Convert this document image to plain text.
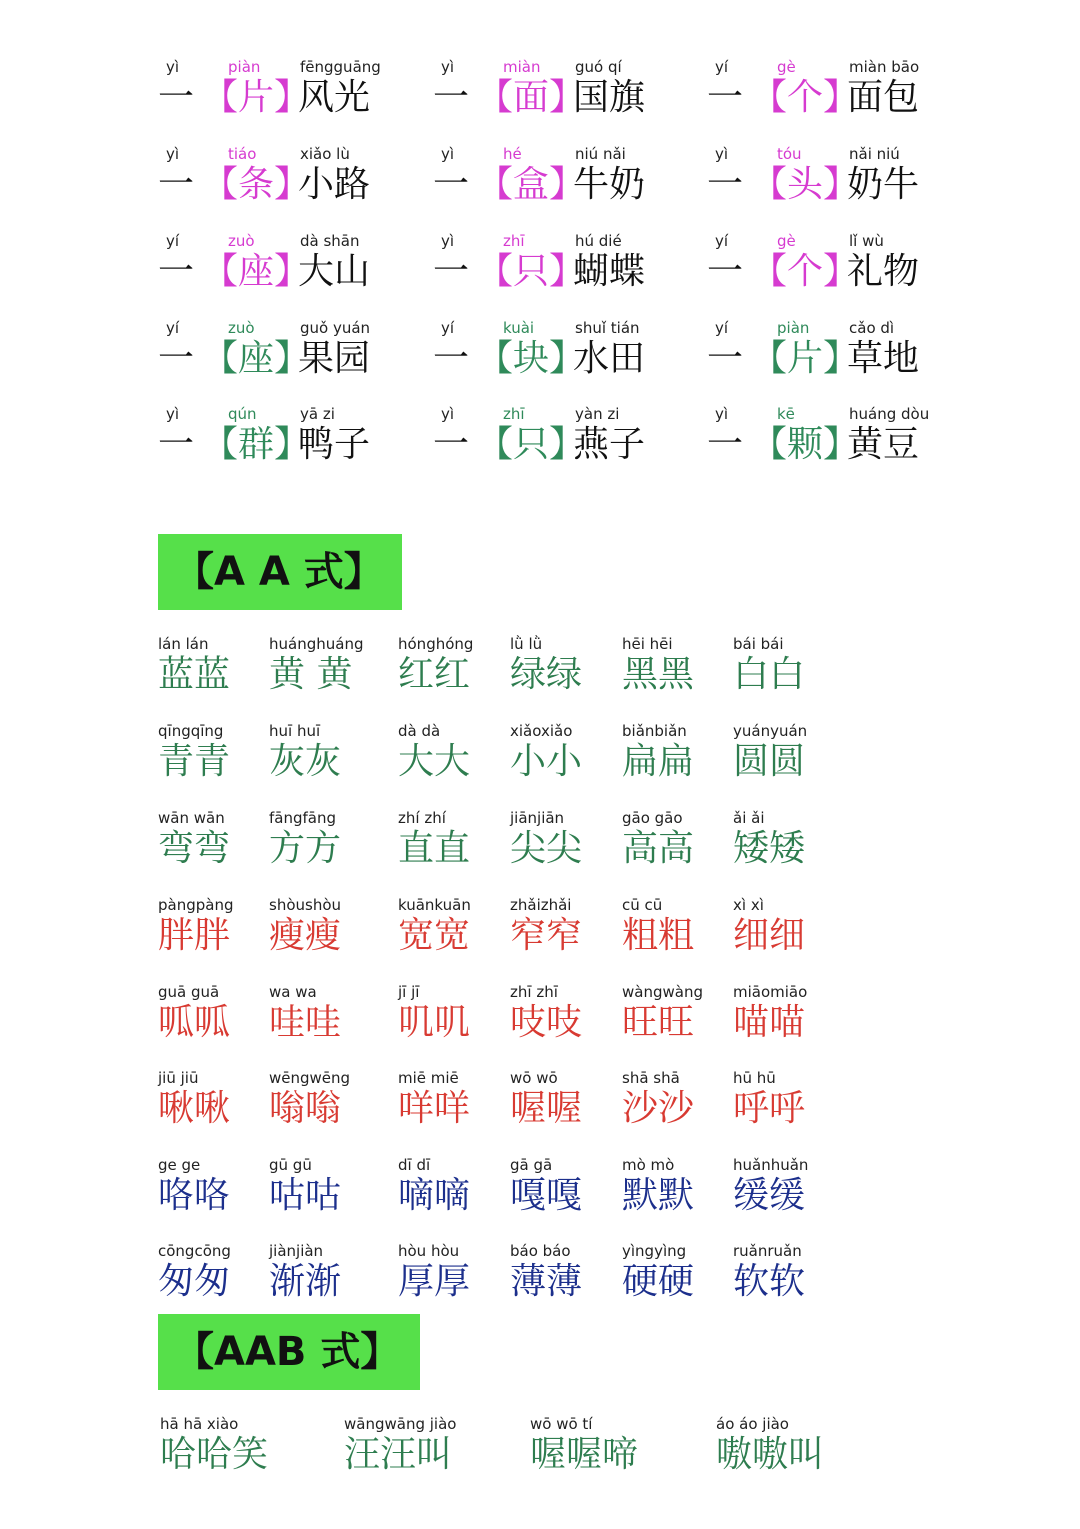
yì
一
piàn
【片】
fēngguāng
风光
yì
一
miàn
【面】
guó qí
国旗
yí
一
gè
【个】
miàn bāo
面包
yì
一
tiáo
【条】
xiǎo lù
小路
yì
一
hé
【盒】
niú nǎi
牛奶
yì
一
tóu
【头】
nǎi niú
奶牛
yí
一
zuò
【座】
dà shān
大山
yì
一
zhī
【只】
hú dié
蝴蝶
yí
一
gè
【个】
lǐ wù
礼物
yí
一
zuò
【座】
guǒ yuán
果园
yí
一
kuài
【块】
shuǐ tián
水田
yí
一
piàn
【片】
cǎo dì
草地
yì
一
qún
【群】
yā zi
鸭子
yì
一
zhī
【只】
yàn zi
燕子
yì
一
kē
【颗】
huáng dòu
黄豆
【A A 式】
lán lán
蓝蓝
huánghuáng
黄 黄
hónghóng
红红
lǜ lǜ
绿绿
hēi hēi
黑黑
bái bái
白白
qīngqīng
青青
huī huī
灰灰
dà dà
大大
xiǎoxiǎo
小小
biǎnbiǎn
扁扁
yuányuán
圆圆
wān wān
弯弯
fāngfāng
方方
zhí zhí
直直
jiānjiān
尖尖
gāo gāo
高高
ǎi ǎi
矮矮
pàngpàng
胖胖
shòushòu
瘦瘦
kuānkuān
宽宽
zhǎizhǎi
窄窄
cū cū
粗粗
xì xì
细细
guā guā
呱呱
wa wa
哇哇
jī jī
叽叽
zhī zhī
吱吱
wàngwàng
旺旺
miāomiāo
喵喵
jiū jiū
啾啾
wēngwēng
嗡嗡
miē miē
咩咩
wō wō
喔喔
shā shā
沙沙
hū hū
呼呼
ge ge
咯咯
gū gū
咕咕
dī dī
嘀嘀
gā gā
嘎嘎
mò mò
默默
huǎnhuǎn
缓缓
cōngcōng
匆匆
jiànjiàn
渐渐
hòu hòu
厚厚
báo báo
薄薄
yìngyìng
硬硬
ruǎnruǎn
软软
【AAB 式】
hā hā xiào
哈哈笑
wāngwāng jiào
汪汪叫
wō wō tí
喔喔啼
áo áo jiào
嗷嗷叫
